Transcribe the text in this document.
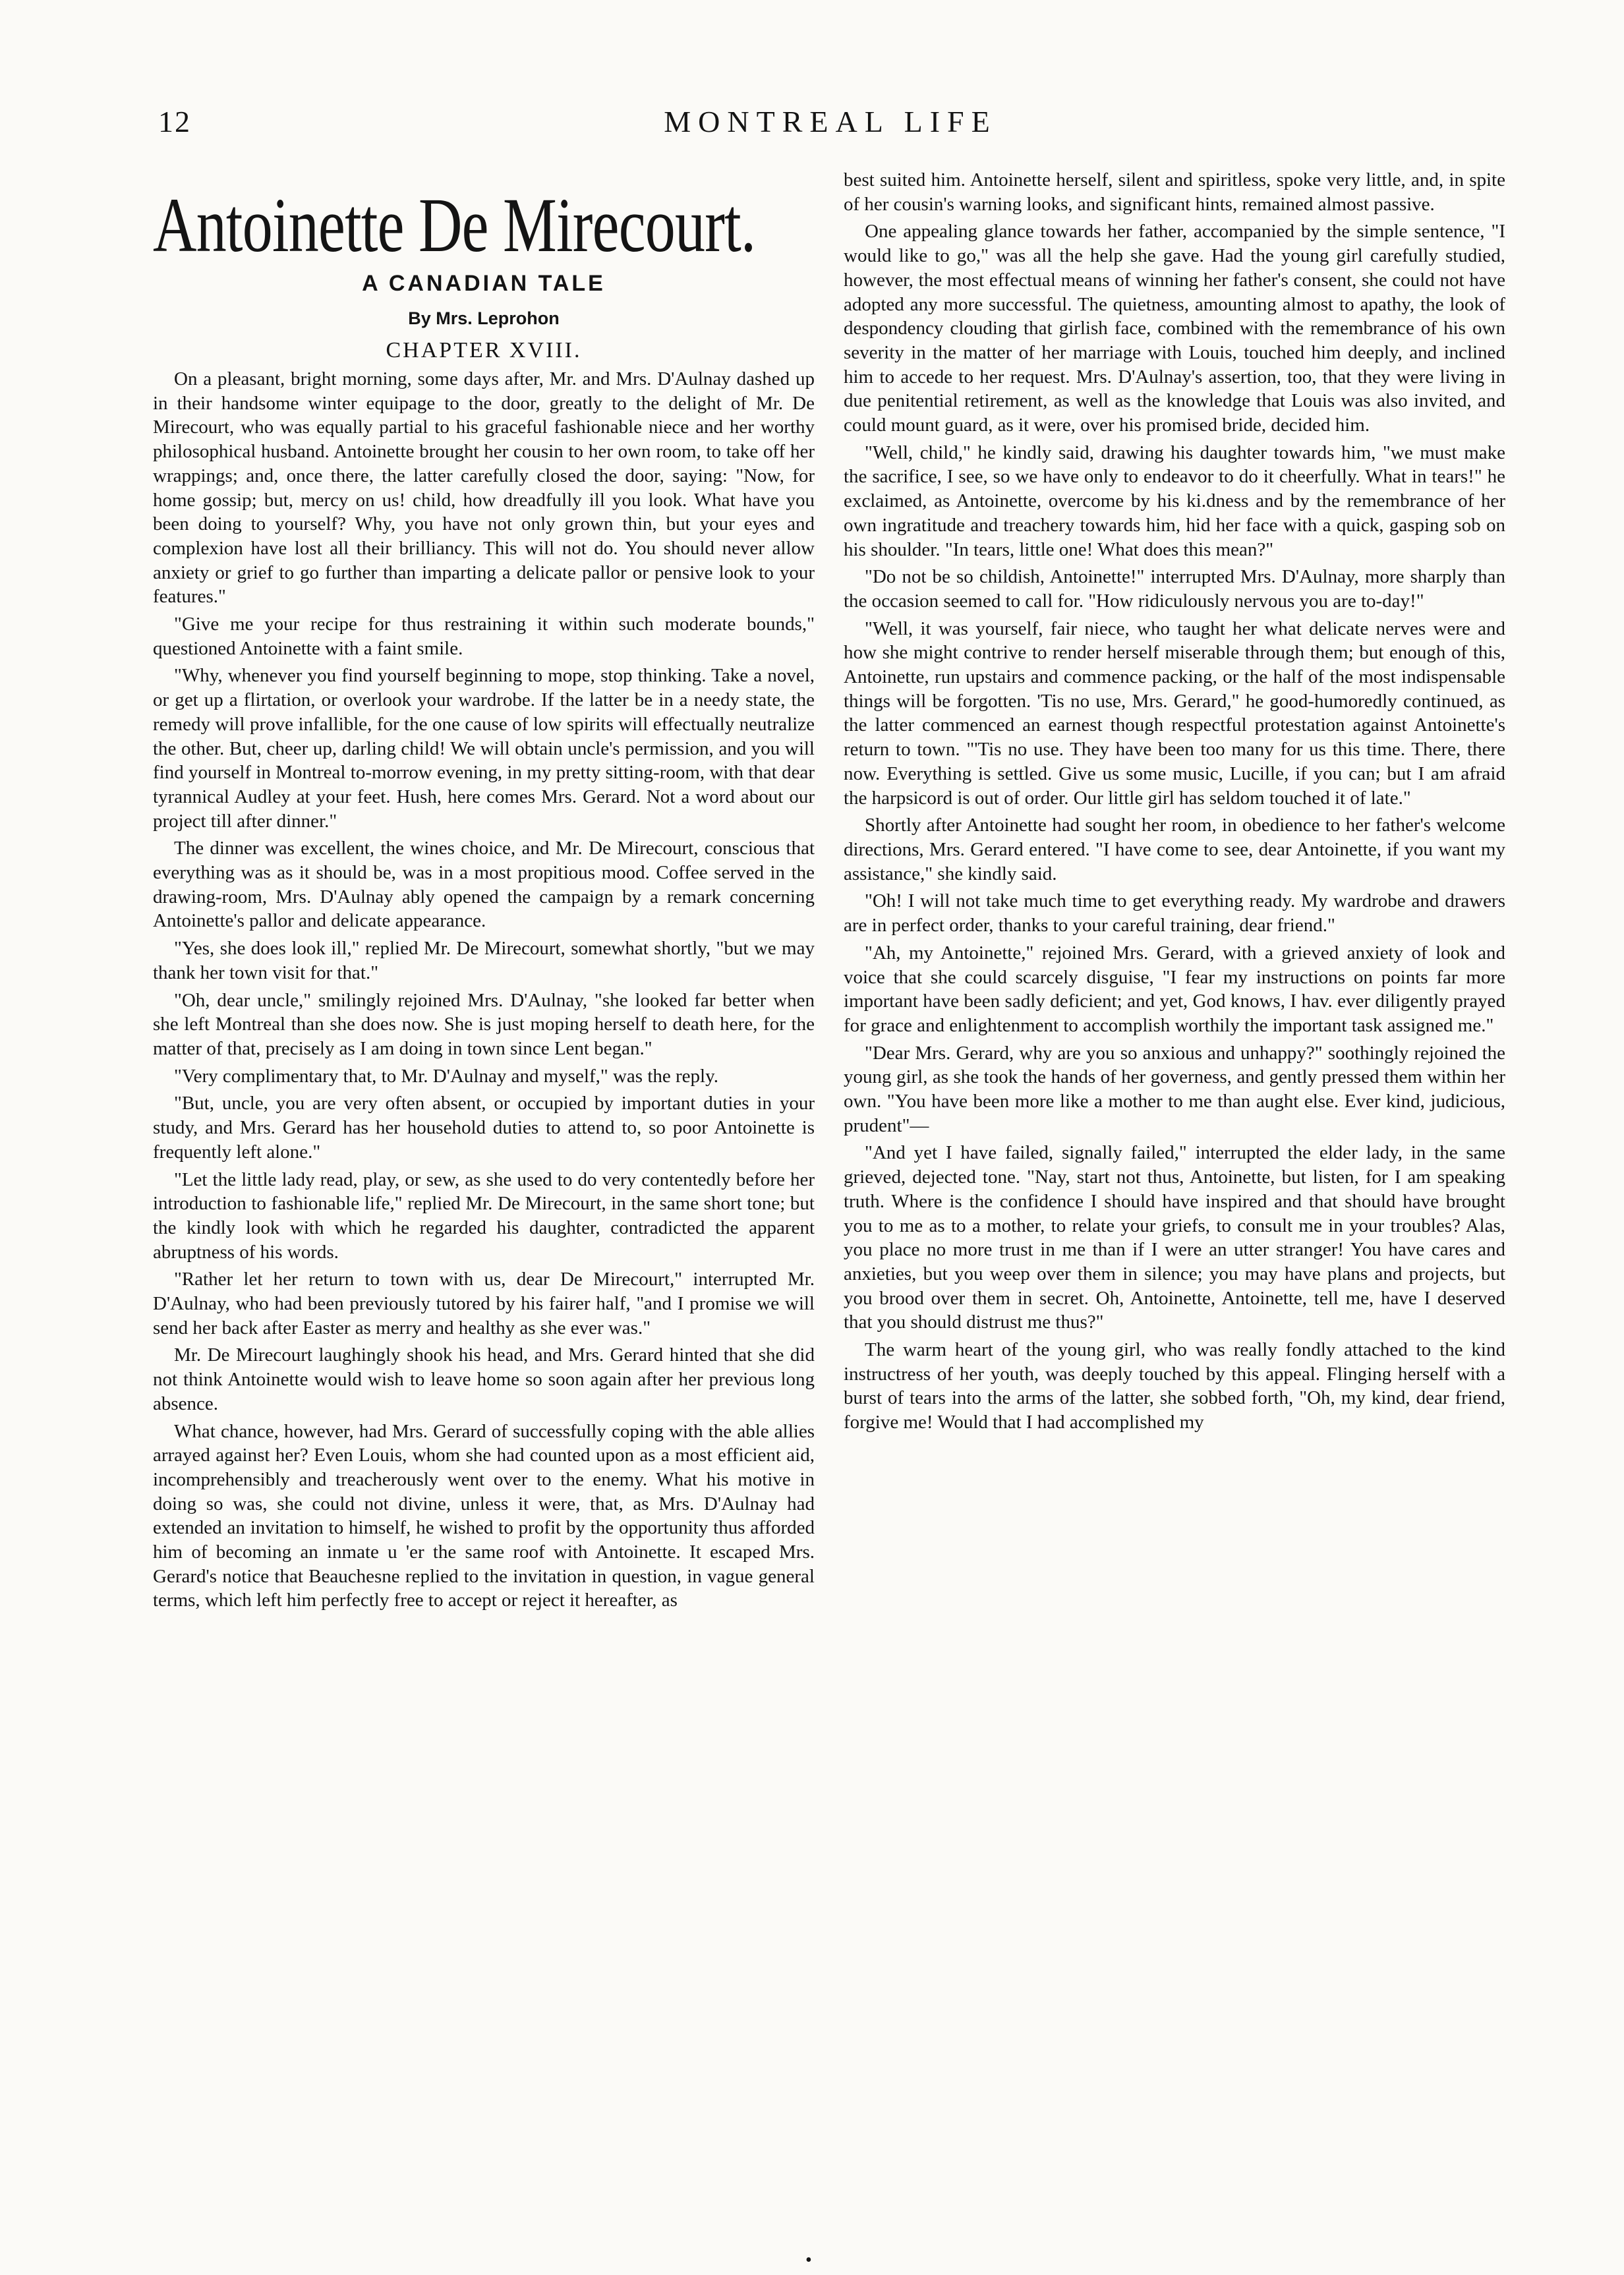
12	MONTREAL LIFE
Antoinette De Mirecourt.
A CANADIAN TALE
By Mrs. Leprohon
CHAPTER XVIII.

On a pleasant, bright morning, some days after, Mr. and Mrs. D'Aulnay dashed up in their handsome winter equipage to the door, greatly to the delight of Mr. De Mirecourt, who was equally partial to his graceful fashionable niece and her worthy philosophical husband. Antoinette brought her cousin to her own room, to take off her wrappings; and, once there, the latter carefully closed the door, saying: "Now, for home gossip; but, mercy on us! child, how dreadfully ill you look. What have you been doing to yourself? Why, you have not only grown thin, but your eyes and complexion have lost all their brilliancy. This will not do. You should never allow anxiety or grief to go further than imparting a delicate pallor or pensive look to your features."

"Give me your recipe for thus restraining it within such moderate bounds," questioned Antoinette with a faint smile.

"Why, whenever you find yourself beginning to mope, stop thinking. Take a novel, or get up a flirtation, or overlook your wardrobe. If the latter be in a needy state, the remedy will prove infallible, for the one cause of low spirits will effectually neutralize the other. But, cheer up, darling child! We will obtain uncle's permission, and you will find yourself in Montreal to-morrow evening, in my pretty sitting-room, with that dear tyrannical Audley at your feet. Hush, here comes Mrs. Gerard. Not a word about our project till after dinner."

The dinner was excellent, the wines choice, and Mr. De Mirecourt, conscious that everything was as it should be, was in a most propitious mood. Coffee served in the drawing-room, Mrs. D'Aulnay ably opened the campaign by a remark concerning Antoinette's pallor and delicate appearance.

"Yes, she does look ill," replied Mr. De Mirecourt, somewhat shortly, "but we may thank her town visit for that."

"Oh, dear uncle," smilingly rejoined Mrs. D'Aulnay, "she looked far better when she left Montreal than she does now. She is just moping herself to death here, for the matter of that, precisely as I am doing in town since Lent began."

"Very complimentary that, to Mr. D'Aulnay and myself," was the reply.

"But, uncle, you are very often absent, or occupied by important duties in your study, and Mrs. Gerard has her household duties to attend to, so poor Antoinette is frequently left alone."

"Let the little lady read, play, or sew, as she used to do very contentedly before her introduction to fashionable life," replied Mr. De Mirecourt, in the same short tone; but the kindly look with which he regarded his daughter, contradicted the apparent abruptness of his words.

"Rather let her return to town with us, dear De Mirecourt," interrupted Mr. D'Aulnay, who had been previously tutored by his fairer half, "and I promise we will send her back after Easter as merry and healthy as she ever was."

Mr. De Mirecourt laughingly shook his head, and Mrs. Gerard hinted that she did not think Antoinette would wish to leave home so soon again after her previous long absence.

What chance, however, had Mrs. Gerard of successfully coping with the able allies arrayed against her? Even Louis, whom she had counted upon as a most efficient aid, incomprehensibly and treacherously went over to the enemy. What his motive in doing so was, she could not divine, unless it were, that, as Mrs. D'Aulnay had extended an invitation to himself, he wished to profit by the opportunity thus afforded him of becoming an inmate u 'er the same roof with Antoinette. It escaped Mrs. Gerard's notice that Beauchesne replied to the invitation in question, in vague general terms, which left him perfectly free to accept or reject it hereafter, as

best suited him. Antoinette herself, silent and spiritless, spoke very little, and, in spite of her cousin's warning looks, and significant hints, remained almost passive.

One appealing glance towards her father, accompanied by the simple sentence, "I would like to go," was all the help she gave. Had the young girl carefully studied, however, the most effectual means of winning her father's consent, she could not have adopted any more successful. The quietness, amounting almost to apathy, the look of despondency clouding that girlish face, combined with the remembrance of his own severity in the matter of her marriage with Louis, touched him deeply, and inclined him to accede to her request. Mrs. D'Aulnay's assertion, too, that they were living in due penitential retirement, as well as the knowledge that Louis was also invited, and could mount guard, as it were, over his promised bride, decided him.

"Well, child," he kindly said, drawing his daughter towards him, "we must make the sacrifice, I see, so we have only to endeavor to do it cheerfully. What in tears!" he exclaimed, as Antoinette, overcome by his ki.dness and by the remembrance of her own ingratitude and treachery towards him, hid her face with a quick, gasping sob on his shoulder. "In tears, little one! What does this mean?"

"Do not be so childish, Antoinette!" interrupted Mrs. D'Aulnay, more sharply than the occasion seemed to call for. "How ridiculously nervous you are to-day!"

"Well, it was yourself, fair niece, who taught her what delicate nerves were and how she might contrive to render herself miserable through them; but enough of this, Antoinette, run upstairs and commence packing, or the half of the most indispensable things will be forgotten. 'Tis no use, Mrs. Gerard," he good-humoredly continued, as the latter commenced an earnest though respectful protestation against Antoinette's return to town. "'Tis no use. They have been too many for us this time. There, there now. Everything is settled. Give us some music, Lucille, if you can; but I am afraid the harpsicord is out of order. Our little girl has seldom touched it of late."

Shortly after Antoinette had sought her room, in obedience to her father's welcome directions, Mrs. Gerard entered. "I have come to see, dear Antoinette, if you want my assistance," she kindly said.

"Oh! I will not take much time to get everything ready. My wardrobe and drawers are in perfect order, thanks to your careful training, dear friend."

"Ah, my Antoinette," rejoined Mrs. Gerard, with a grieved anxiety of look and voice that she could scarcely disguise, "I fear my instructions on points far more important have been sadly deficient; and yet, God knows, I hav. ever diligently prayed for grace and enlightenment to accomplish worthily the important task assigned me."

"Dear Mrs. Gerard, why are you so anxious and unhappy?" soothingly rejoined the young girl, as she took the hands of her governess, and gently pressed them within her own. "You have been more like a mother to me than aught else. Ever kind, judicious, prudent"—

"And yet I have failed, signally failed," interrupted the elder lady, in the same grieved, dejected tone. "Nay, start not thus, Antoinette, but listen, for I am speaking truth. Where is the confidence I should have inspired and that should have brought you to me as to a mother, to relate your griefs, to consult me in your troubles? Alas, you place no more trust in me than if I were an utter stranger! You have cares and anxieties, but you weep over them in silence; you may have plans and projects, but you brood over them in secret. Oh, Antoinette, Antoinette, tell me, have I deserved that you should distrust me thus?"

The warm heart of the young girl, who was really fondly attached to the kind instructress of her youth, was deeply touched by this appeal. Flinging herself with a burst of tears into the arms of the latter, she sobbed forth, "Oh, my kind, dear friend, forgive me! Would that I had accomplished my

•
